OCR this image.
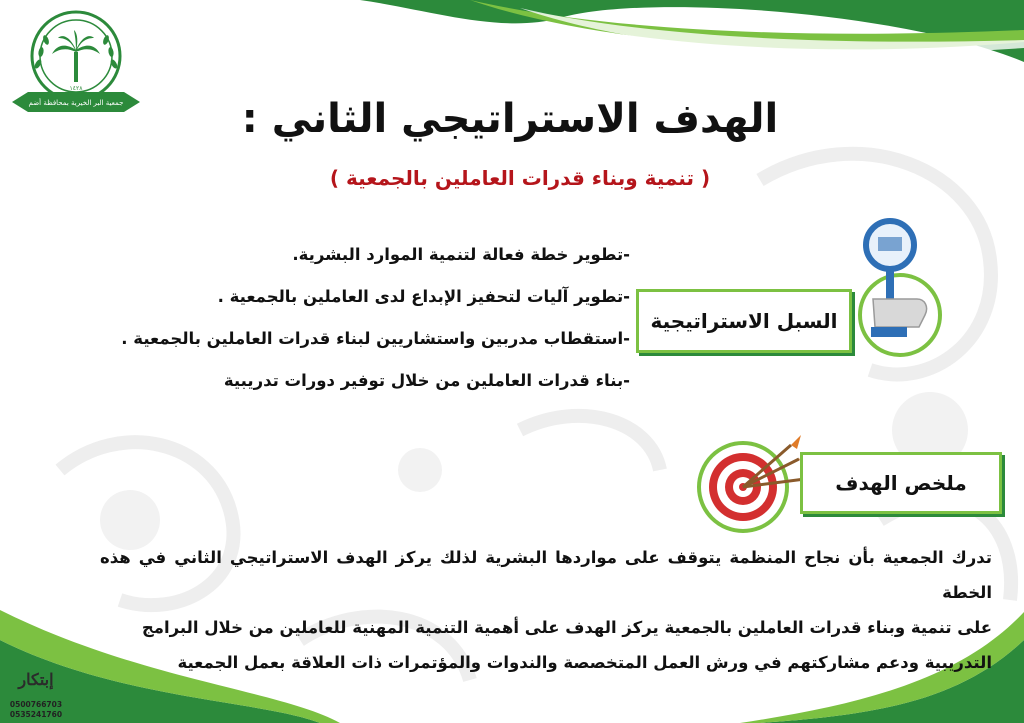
جمعية البر الخيرية بمحافظة أضم
١٤٢٨
الهدف الاستراتيجي الثاني :

( تنمية وبناء قدرات العاملين بالجمعية )

-تطوير خطة فعالة لتنمية الموارد البشرية.
-تطوير آليات لتحفيز الإبداع لدى العاملين بالجمعية .
-استقطاب مدربين واستشاريين لبناء قدرات العاملين بالجمعية .
-بناء قدرات العاملين من خلال توفير دورات تدريبية
السبل الاستراتيجية
ملخص الهدف
تدرك الجمعية بأن نجاح المنظمة يتوقف على مواردها البشرية لذلك يركز الهدف الاستراتيجي الثاني في هذه الخطة
على تنمية وبناء قدرات العاملين بالجمعية يركز الهدف على أهمية التنمية المهنية للعاملين من خلال البرامج
التدريبية ودعم مشاركتهم في ورش العمل المتخصصة والندوات والمؤتمرات ذات العلاقة بعمل الجمعية
إبتكار
0500766703
0535241760
